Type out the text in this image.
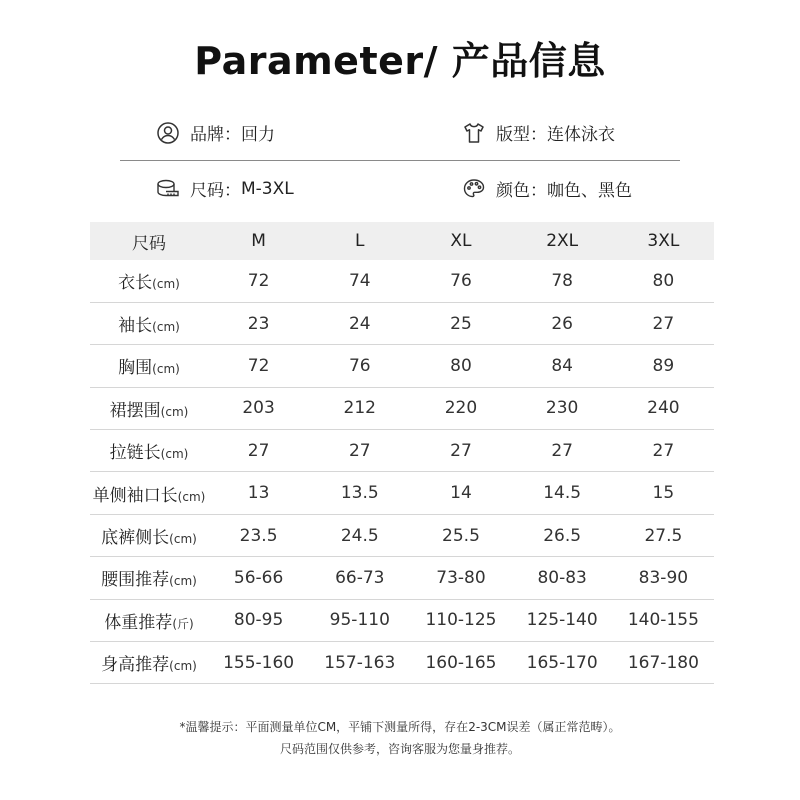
Parameter/ 产品信息
品牌： 回力	版型： 连体泳衣
尺码： M-3XL	颜色： 咖色、黑色
尺码	M	L	XL	2XL	3XL
衣长(cm)	72	74	76	78	80
袖长(cm)	23	24	25	26	27
胸围(cm)	72	76	80	84	89
裙摆围(cm)	203	212	220	230	240
拉链长(cm)	27	27	27	27	27
单侧袖口长(cm)	13	13.5	14	14.5	15
底裤侧长(cm)	23.5	24.5	25.5	26.5	27.5
腰围推荐(cm)	56-66	66-73	73-80	80-83	83-90
体重推荐(斤)	80-95	95-110	110-125	125-140	140-155
身高推荐(cm)	155-160	157-163	160-165	165-170	167-180
*温馨提示：平面测量单位CM，平铺下测量所得，存在2-3CM误差（属正常范畴）。
尺码范围仅供参考，咨询客服为您量身推荐。
